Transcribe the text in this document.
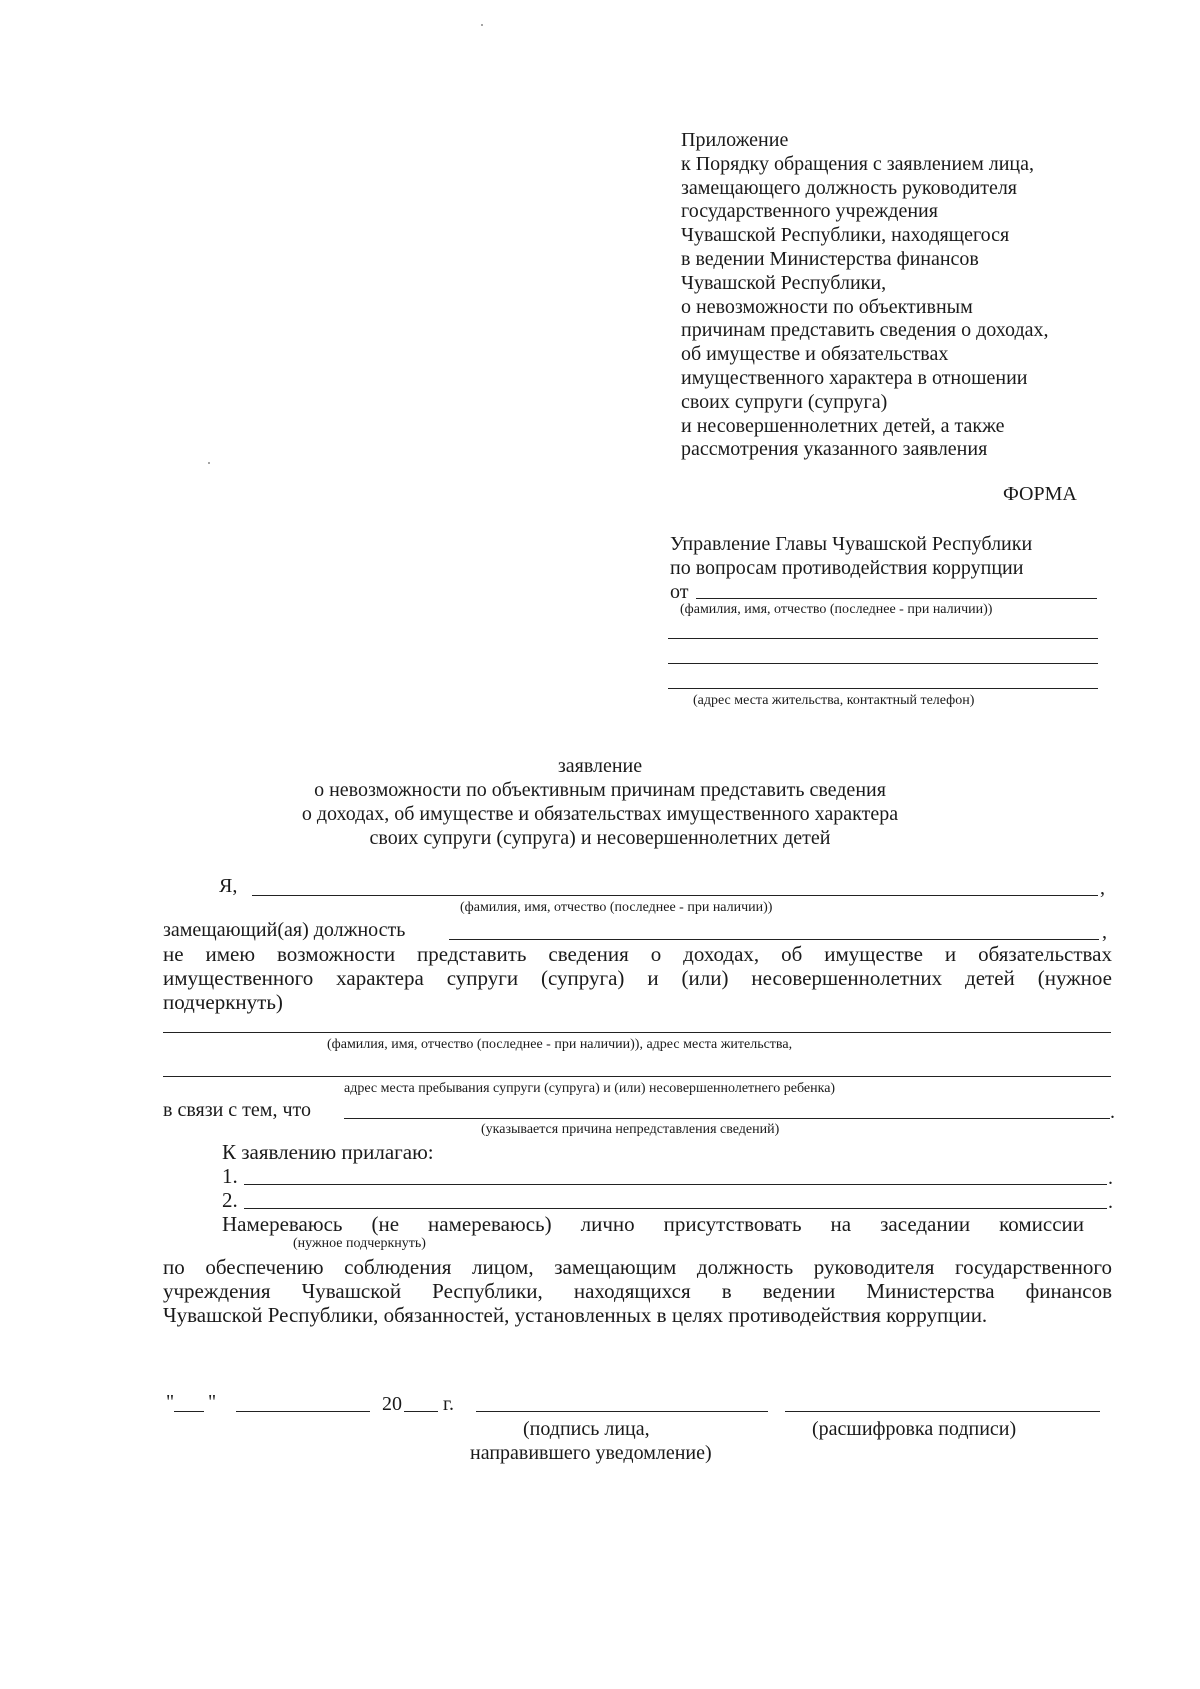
Приложение
к Порядку обращения с заявлением лица,
замещающего должность руководителя
государственного учреждения
Чувашской Республики, находящегося
в ведении Министерства финансов
Чувашской Республики,
о невозможности по объективным
причинам представить сведения о доходах,
об имуществе и обязательствах
имущественного характера в отношении
своих супруги (супруга)
и несовершеннолетних детей, а также
рассмотрения указанного заявления
ФОРМА
Управление Главы Чувашской Республики
по вопросам противодействия коррупции
от
(фамилия, имя, отчество (последнее - при наличии))
(адрес места жительства, контактный телефон)
заявление
о невозможности по объективным причинам представить сведения
о доходах, об имуществе и обязательствах имущественного характера
своих супруги (супруга) и несовершеннолетних детей
Я,	,
(фамилия, имя, отчество (последнее - при наличии))
замещающий(ая) должность	,
не имею возможности представить сведения о доходах, об имуществе и обязательствах
имущественного характера супруги (супруга) и (или) несовершеннолетних детей (нужное
подчеркнуть)
(фамилия, имя, отчество (последнее - при наличии)), адрес места жительства,
адрес места пребывания супруги (супруга) и (или) несовершеннолетнего ребенка)
в связи с тем, что	.
(указывается причина непредставления сведений)
К заявлению прилагаю:
1.	.
2.	.
Намереваюсь (не намереваюсь) лично присутствовать на заседании комиссии
(нужное подчеркнуть)
по обеспечению соблюдения лицом, замещающим должность руководителя государственного
учреждения Чувашской Республики, находящихся в ведении Министерства финансов
Чувашской Республики, обязанностей, установленных в целях противодействия коррупции.
" "	20 г.
(подпись лица,
направившего уведомление)
(расшифровка подписи)
